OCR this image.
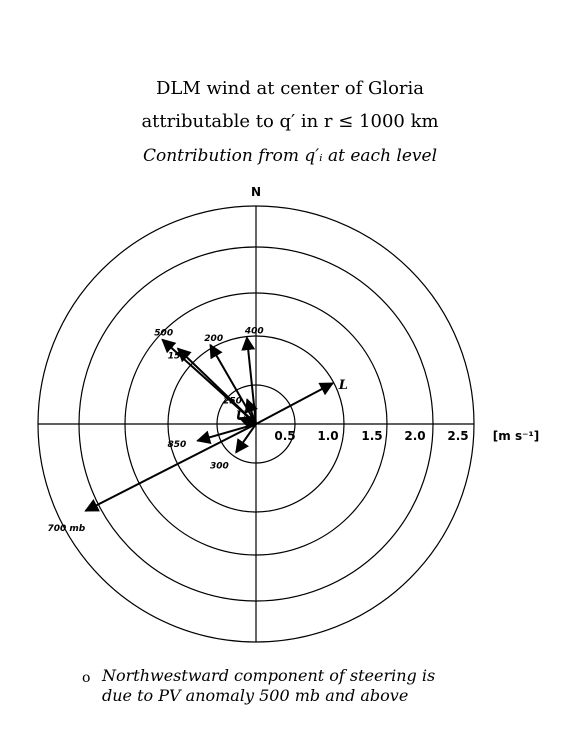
DLM wind at center of Gloria
attributable to q′ in r ≤ 1000 km
Contribution from q′ᵢ at each level
N
0.5 1.0 1.5 2.0 2.5 [m s⁻¹]
500
150
200
400
250
U
L
850
300
700 mb
o Northwestward component of steering is
due to PV anomaly 500 mb and above
